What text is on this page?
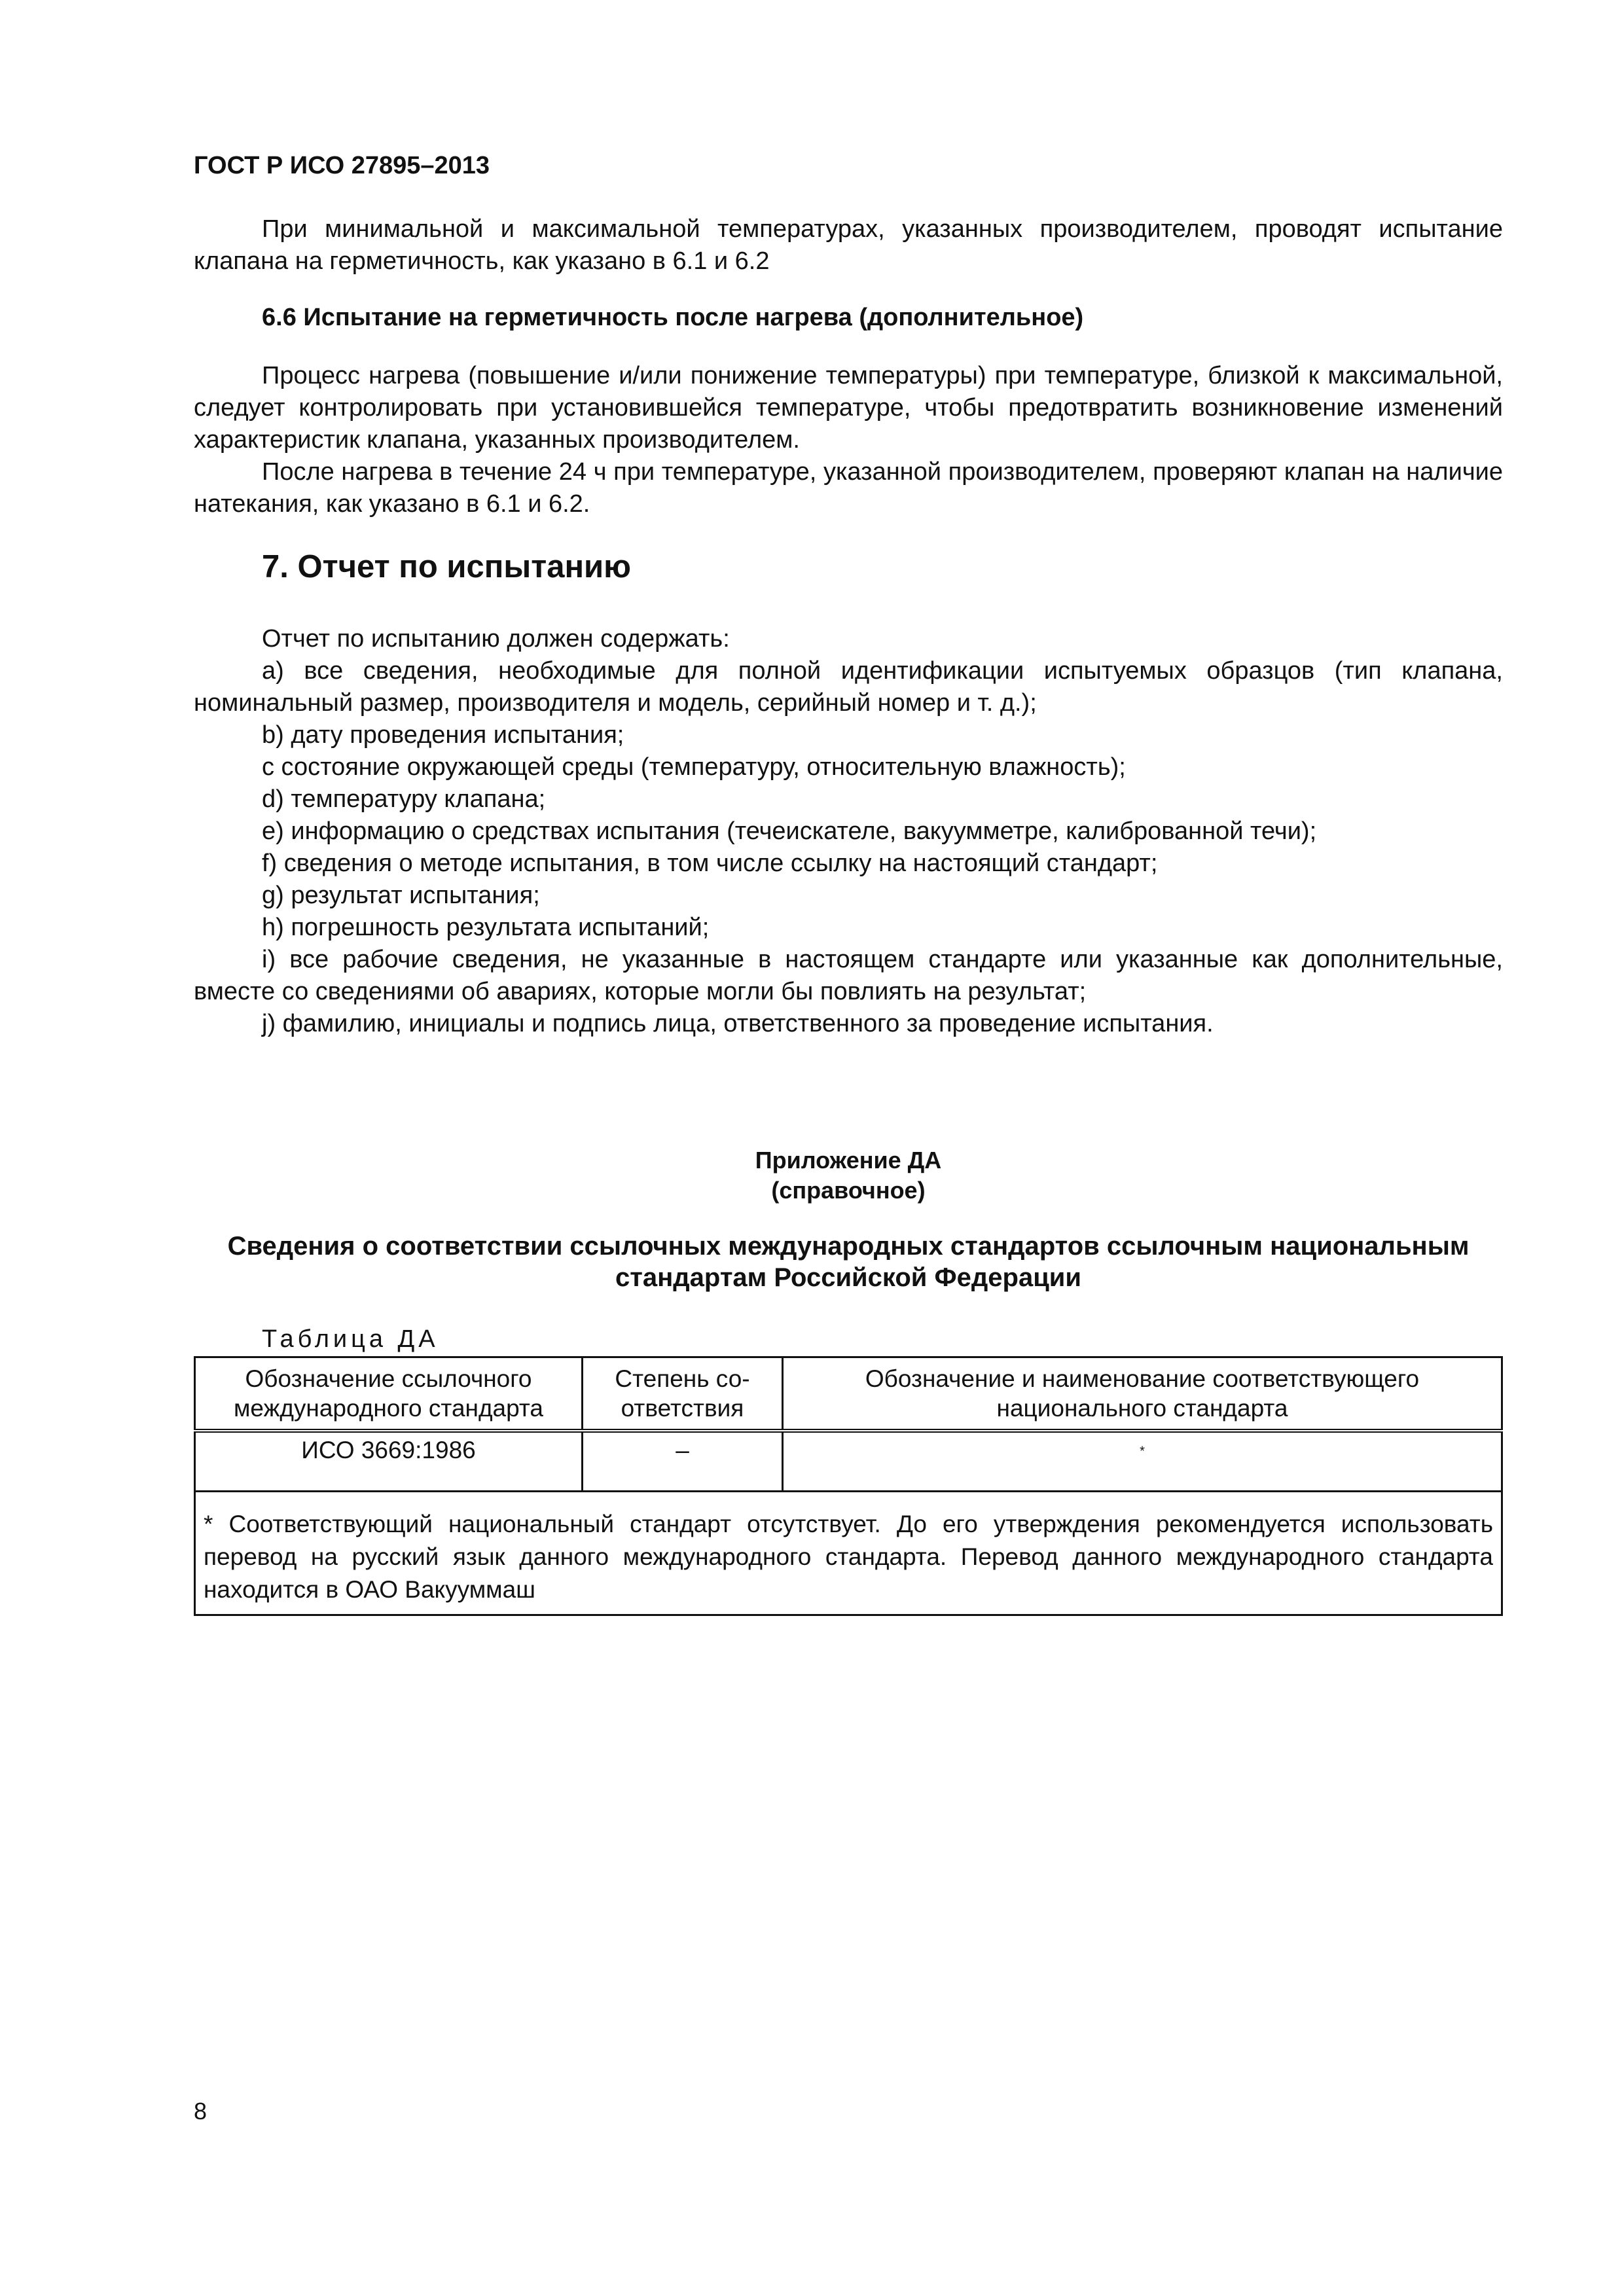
ГОСТ Р ИСО 27895–2013

При минимальной и максимальной температурах, указанных производителем, проводят испытание клапана на герметичность, как указано в 6.1 и 6.2

6.6 Испытание на герметичность после нагрева (дополнительное)

Процесс нагрева (повышение и/или понижение температуры) при температуре, близкой к максимальной, следует контролировать при установившейся температуре, чтобы предотвратить возникновение изменений характеристик клапана, указанных производителем.

После нагрева в течение 24 ч при температуре, указанной производителем, проверяют клапан на наличие натекания, как указано в 6.1 и 6.2.

7. Отчет по испытанию

Отчет по испытанию должен содержать:

a) все сведения, необходимые для полной идентификации испытуемых образцов (тип клапана, номинальный размер, производителя и модель, серийный номер и т. д.);

b) дату проведения испытания;

c состояние окружающей среды (температуру, относительную влажность);

d) температуру клапана;

e) информацию о средствах испытания (течеискателе, вакуумметре, калиброванной течи);

f) сведения о методе испытания, в том числе ссылку на настоящий стандарт;

g) результат испытания;

h) погрешность результата испытаний;

i) все рабочие сведения, не указанные в настоящем стандарте или указанные как дополнительные, вместе со сведениями об авариях, которые могли бы повлиять на результат;

j) фамилию, инициалы и подпись лица, ответственного за проведение испытания.

Приложение ДА

(справочное)

Сведения о соответствии ссылочных международных стандартов ссылочным национальным стандартам Российской Федерации

Таблица ДА
Обозначение ссылочного международного стандарта	Степень соответствия	Обозначение и наименование соответствующего национального стандарта
ИСО 3669:1986	–	*
* Соответствующий национальный стандарт отсутствует. До его утверждения рекомендуется использовать перевод на русский язык данного международного стандарта. Перевод данного международного стандарта находится в ОАО Вакууммаш		
8
